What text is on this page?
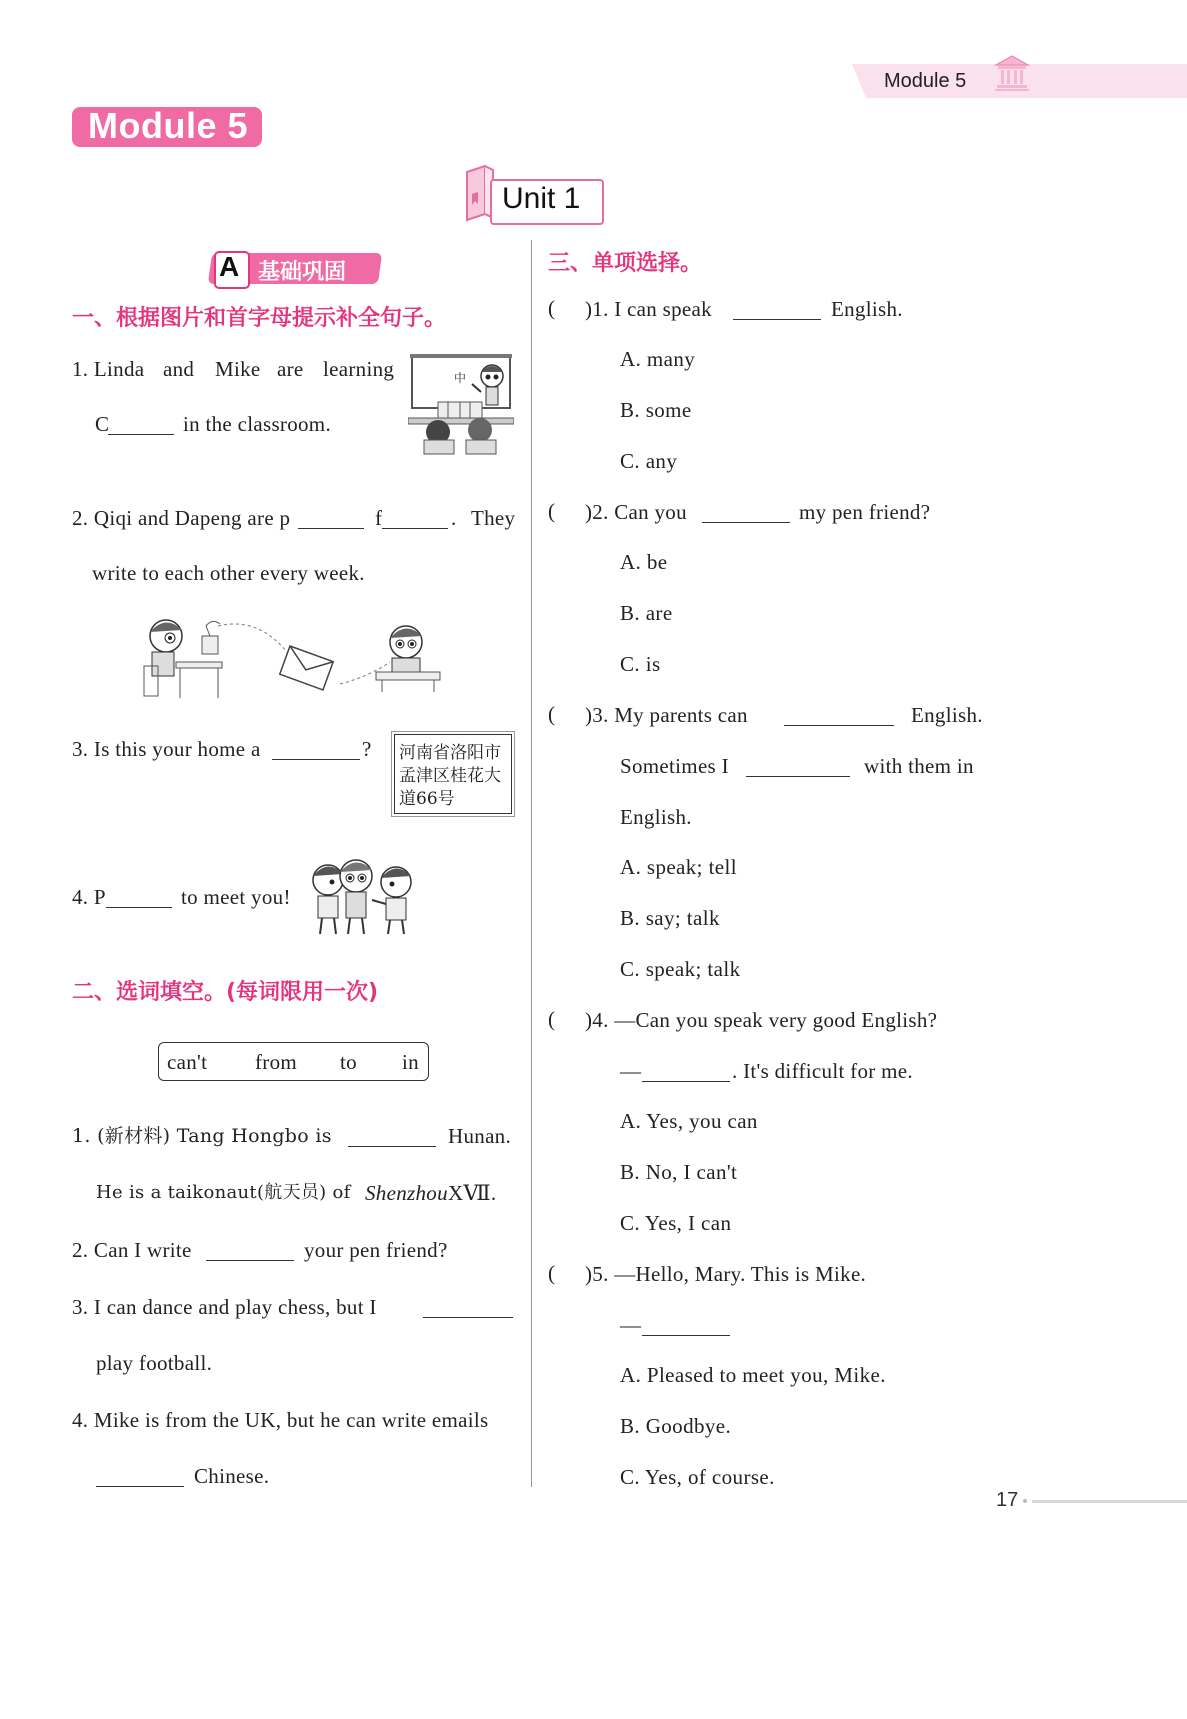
Module 5
Module 5
Unit 1
A 基础巩固
一、根据图片和首字母提示补全句子。
1. Linda and Mike are learning
C	in the classroom.
中
2. Qiqi and Dapeng are p	f	. They
write to each other every week.
3. Is this your home a	? 河南省洛阳市
孟津区桂花大
道66号
4. P	to meet you!
二、选词填空。(每词限用一次)
can't from to in
1. (新材料) Tang Hongbo is	Hunan.
He is a taikonaut(航天员) of Shenzhou XⅦ.
2. Can I write	your pen friend?
3. I can dance and play chess, but I
play football.
4. Mike is from the UK, but he can write emails
Chinese.
三、单项选择。
( )1. I can speak	English.
A. many
B. some
C. any
( )2. Can you	my pen friend?
A. be
B. are
C. is
( )3. My parents can	English.
Sometimes I	with them in
English.
A. speak; tell
B. say; talk
C. speak; talk
( )4. —Can you speak very good English?
—	. It's difficult for me.
A. Yes, you can
B. No, I can't
C. Yes, I can
( )5. —Hello, Mary. This is Mike.
—
A. Pleased to meet you, Mike.
B. Goodbye.
C. Yes, of course.
17
